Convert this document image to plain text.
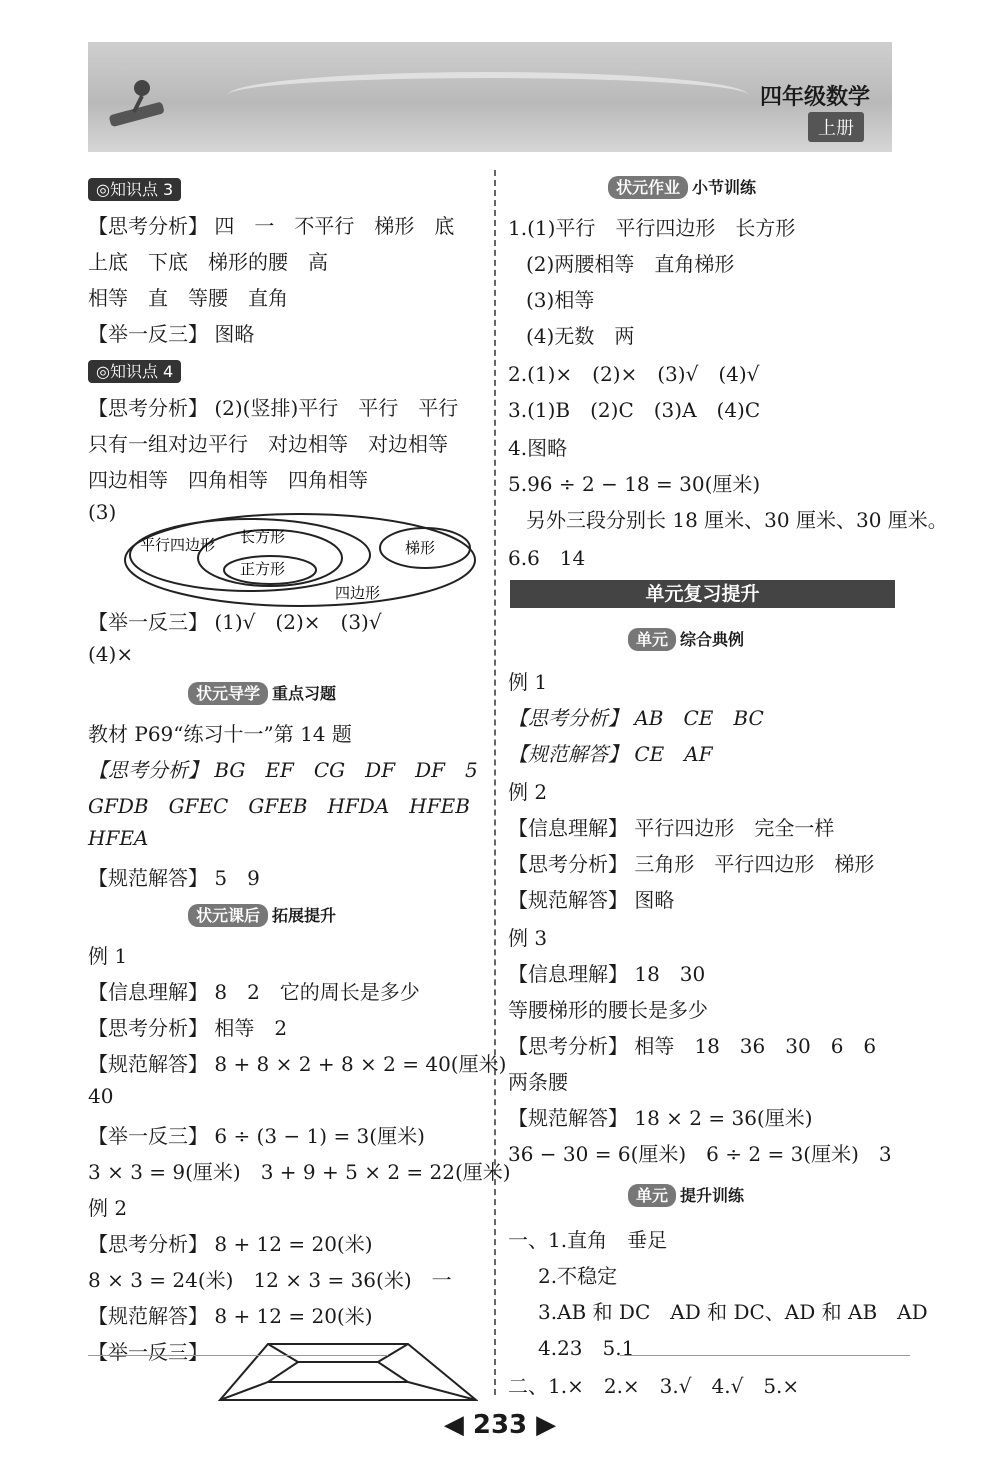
四年级数学
上册
◎知识点 3
【思考分析】 四　一　不平行　梯形　底
上底　下底　梯形的腰　高
相等　直　等腰　直角
【举一反三】 图略
◎知识点 4
【思考分析】 (2)(竖排)平行　平行　平行
只有一组对边平行　对边相等　对边相等
四边相等　四角相等　四角相等
(3)
平行四边形 长方形
正方形
梯形
四边形
【举一反三】 (1)√　(2)×　(3)√
(4)×
状元导学 重点习题
教材 P69“练习十一”第 14 题
【思考分析】 BG　EF　CG　DF　DF　5
GFDB　GFEC　GFEB　HFDA　HFEB
HFEA
【规范解答】 5　9
状元课后 拓展提升
例 1
【信息理解】 8　2　它的周长是多少
【思考分析】 相等　2
【规范解答】 8 + 8 × 2 + 8 × 2 = 40(厘米)
40
【举一反三】 6 ÷ (3 − 1) = 3(厘米)
3 × 3 = 9(厘米)　3 + 9 + 5 × 2 = 22(厘米)
例 2
【思考分析】 8 + 12 = 20(米)
8 × 3 = 24(米)　12 × 3 = 36(米)　一
【规范解答】 8 + 12 = 20(米)
【举一反三】
状元作业 小节训练
1.(1)平行　平行四边形　长方形
(2)两腰相等　直角梯形
(3)相等
(4)无数　两
2.(1)×　(2)×　(3)√　(4)√
3.(1)B　(2)C　(3)A　(4)C
4.图略
5.96 ÷ 2 − 18 = 30(厘米)
另外三段分别长 18 厘米、30 厘米、30 厘米。
6.6　14
单元 综合典例
例 1
【思考分析】 AB　CE　BC
【规范解答】 CE　AF
例 2
【信息理解】 平行四边形　完全一样
【思考分析】 三角形　平行四边形　梯形
【规范解答】 图略
例 3
【信息理解】 18　30
等腰梯形的腰长是多少
【思考分析】 相等　18　36　30　6　6
两条腰
【规范解答】 18 × 2 = 36(厘米)
36 − 30 = 6(厘米)　6 ÷ 2 = 3(厘米)　3
单元 提升训练
一、1.直角　垂足
2.不稳定
3.AB 和 DC　AD 和 DC、AD 和 AB　AD
4.23　5.1
二、1.×　2.×　3.√　4.√　5.×
单元复习提升
◀ 233 ▶
